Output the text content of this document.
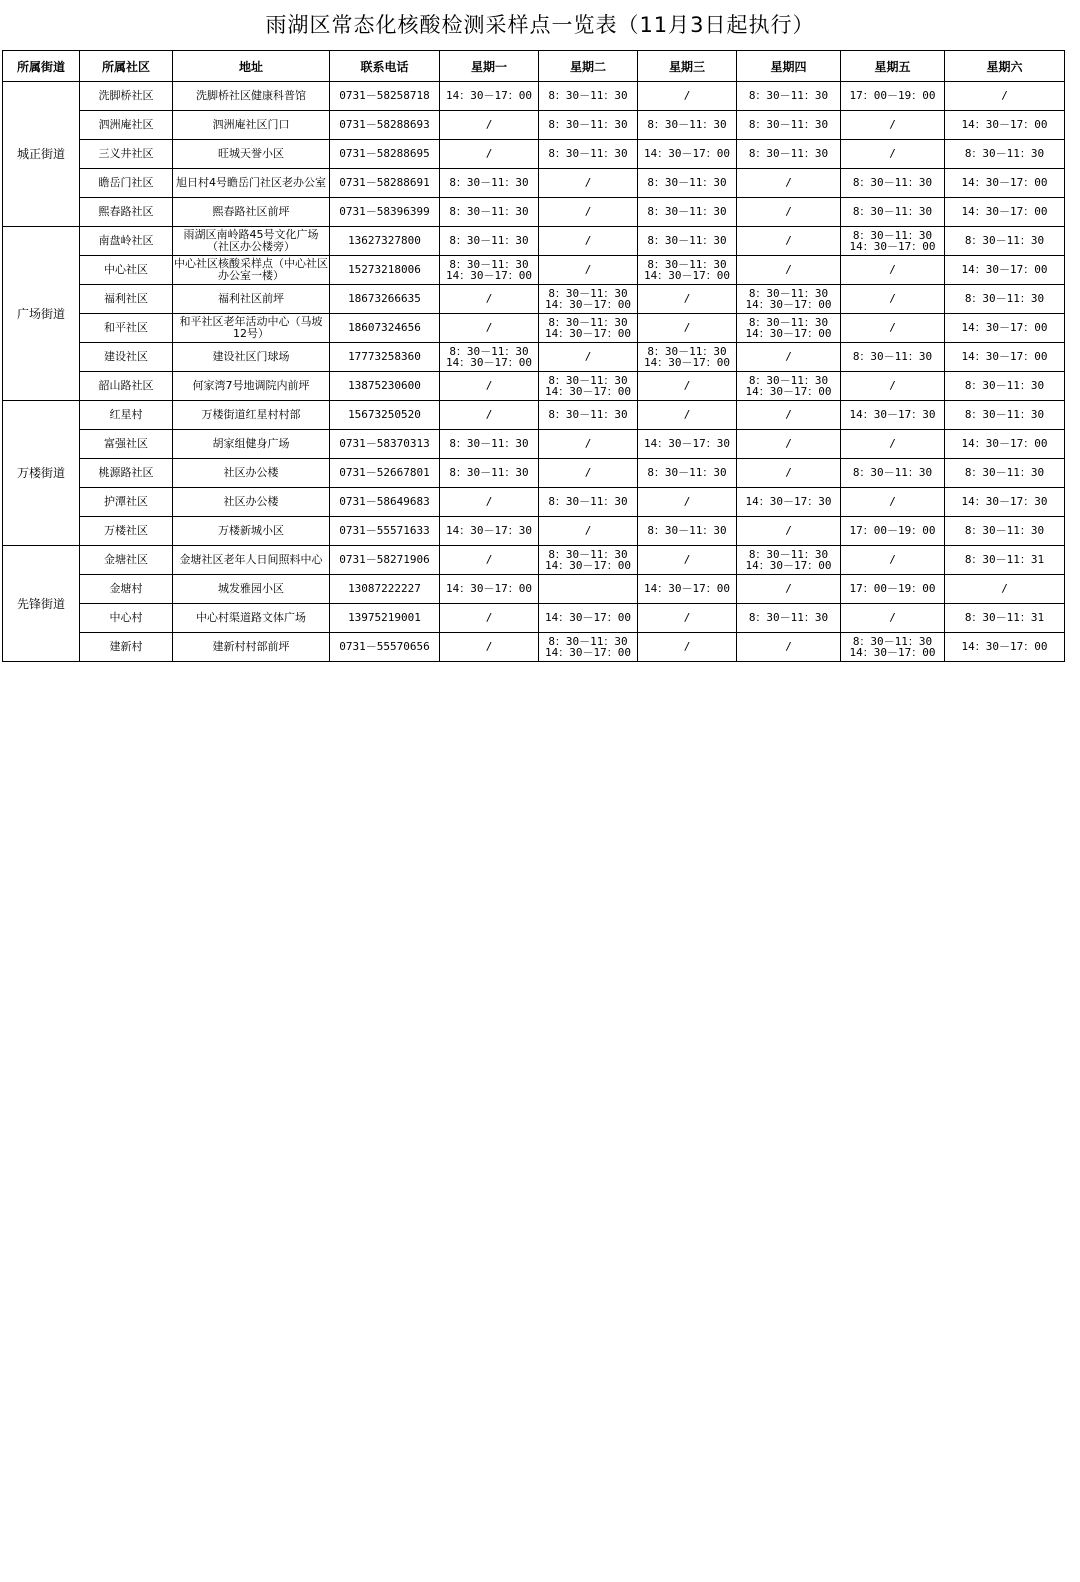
雨湖区常态化核酸检测采样点一览表（11月3日起执行）
所属街道	所属社区	地址	联系电话	星期一	星期二	星期三	星期四	星期五	星期六
城正街道	洗脚桥社区	洗脚桥社区健康科普馆	0731－58258718	14：30－17：00	8：30－11：30	/	8：30－11：30	17：00－19：00	/
	泗洲庵社区	泗洲庵社区门口	0731－58288693	/	8：30－11：30	8：30－11：30	8：30－11：30	/	14：30－17：00
	三义井社区	旺城天誉小区	0731－58288695	/	8：30－11：30	14：30－17：00	8：30－11：30	/	8：30－11：30
	瞻岳门社区	旭日村4号瞻岳门社区老办公室	0731－58288691	8：30－11：30	/	8：30－11：30	/	8：30－11：30	14：30－17：00
	熙春路社区	熙春路社区前坪	0731－58396399	8：30－11：30	/	8：30－11：30	/	8：30－11：30	14：30－17：00
广场街道	南盘岭社区	雨湖区南岭路45号文化广场（社区办公楼旁）	13627327800	8：30－11：30	/	8：30－11：30	/	8：30－11：30 14：30－17：00	8：30－11：30
	中心社区	中心社区核酸采样点（中心社区办公室一楼）	15273218006	8：30－11：30 14：30－17：00	/	8：30－11：30 14：30－17：00	/	/	14：30－17：00
	福利社区	福利社区前坪	18673266635	/	8：30－11：30 14：30－17：00	/	8：30－11：30 14：30－17：00	/	8：30－11：30
	和平社区	和平社区老年活动中心（马坡12号）	18607324656	/	8：30－11：30 14：30－17：00	/	8：30－11：30 14：30－17：00	/	14：30－17：00
	建设社区	建设社区门球场	17773258360	8：30－11：30 14：30－17：00	/	8：30－11：30 14：30－17：00	/	8：30－11：30	14：30－17：00
	韶山路社区	何家湾7号地调院内前坪	13875230600	/	8：30－11：30 14：30－17：00	/	8：30－11：30 14：30－17：00	/	8：30－11：30
万楼街道	红星村	万楼街道红星村村部	15673250520	/	8：30－11：30	/	/	14：30－17：30	8：30－11：30
	富强社区	胡家组健身广场	0731－58370313	8：30－11：30	/	14：30－17：30	/	/	14：30－17：00
	桃源路社区	社区办公楼	0731－52667801	8：30－11：30	/	8：30－11：30	/	8：30－11：30	8：30－11：30
	护潭社区	社区办公楼	0731－58649683	/	8：30－11：30	/	14：30－17：30	/	14：30－17：30
	万楼社区	万楼新城小区	0731－55571633	14：30－17：30	/	8：30－11：30	/	17：00－19：00	8：30－11：30
先锋街道	金塘社区	金塘社区老年人日间照料中心	0731－58271906	/	8：30－11：30 14：30－17：00	/	8：30－11：30 14：30－17：00	/	8：30－11：31
	金塘村	城发雅园小区	13087222227	14：30－17：00		14：30－17：00	/	17：00－19：00	/
	中心村	中心村渠道路文体广场	13975219001	/	14：30－17：00	/	8：30－11：30	/	8：30－11：31
	建新村	建新村村部前坪	0731－55570656	/	8：30－11：30 14：30－17：00	/	/	8：30－11：30 14：30－17：00	14：30－17：00
